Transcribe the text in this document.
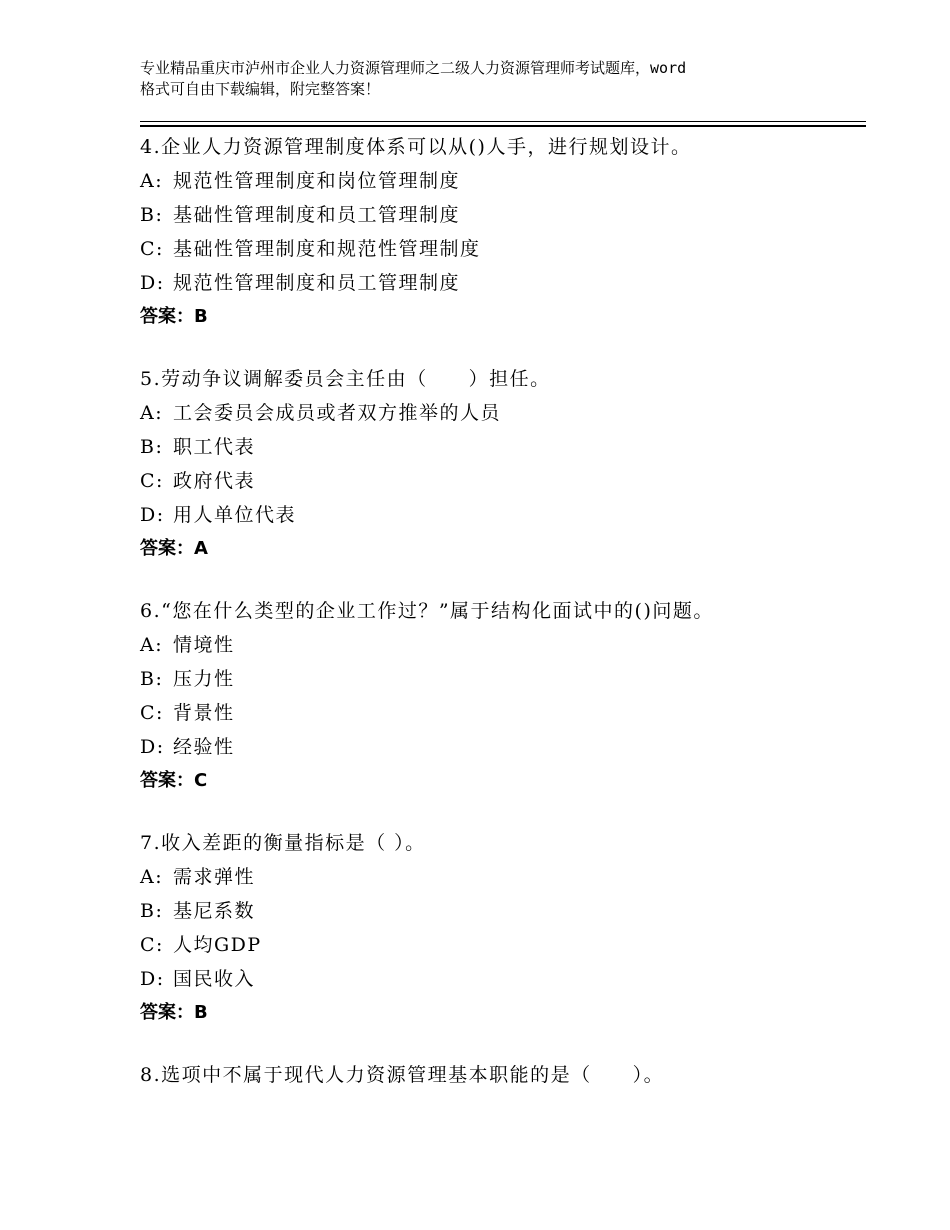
专业精品重庆市泸州市企业人力资源管理师之二级人力资源管理师考试题库，word
格式可自由下载编辑，附完整答案！
4.企业人力资源管理制度体系可以从()人手，进行规划设计。
A: 规范性管理制度和岗位管理制度
B: 基础性管理制度和员工管理制度
C: 基础性管理制度和规范性管理制度
D: 规范性管理制度和员工管理制度
答案：B
5.劳动争议调解委员会主任由（　　）担任。
A: 工会委员会成员或者双方推举的人员
B: 职工代表
C: 政府代表
D: 用人单位代表
答案：A
6.“您在什么类型的企业工作过？”属于结构化面试中的()问题。
A: 情境性
B: 压力性
C: 背景性
D: 经验性
答案：C
7.收入差距的衡量指标是（ ）。
A: 需求弹性
B: 基尼系数
C: 人均GDP
D: 国民收入
答案：B
8.选项中不属于现代人力资源管理基本职能的是（　　）。
